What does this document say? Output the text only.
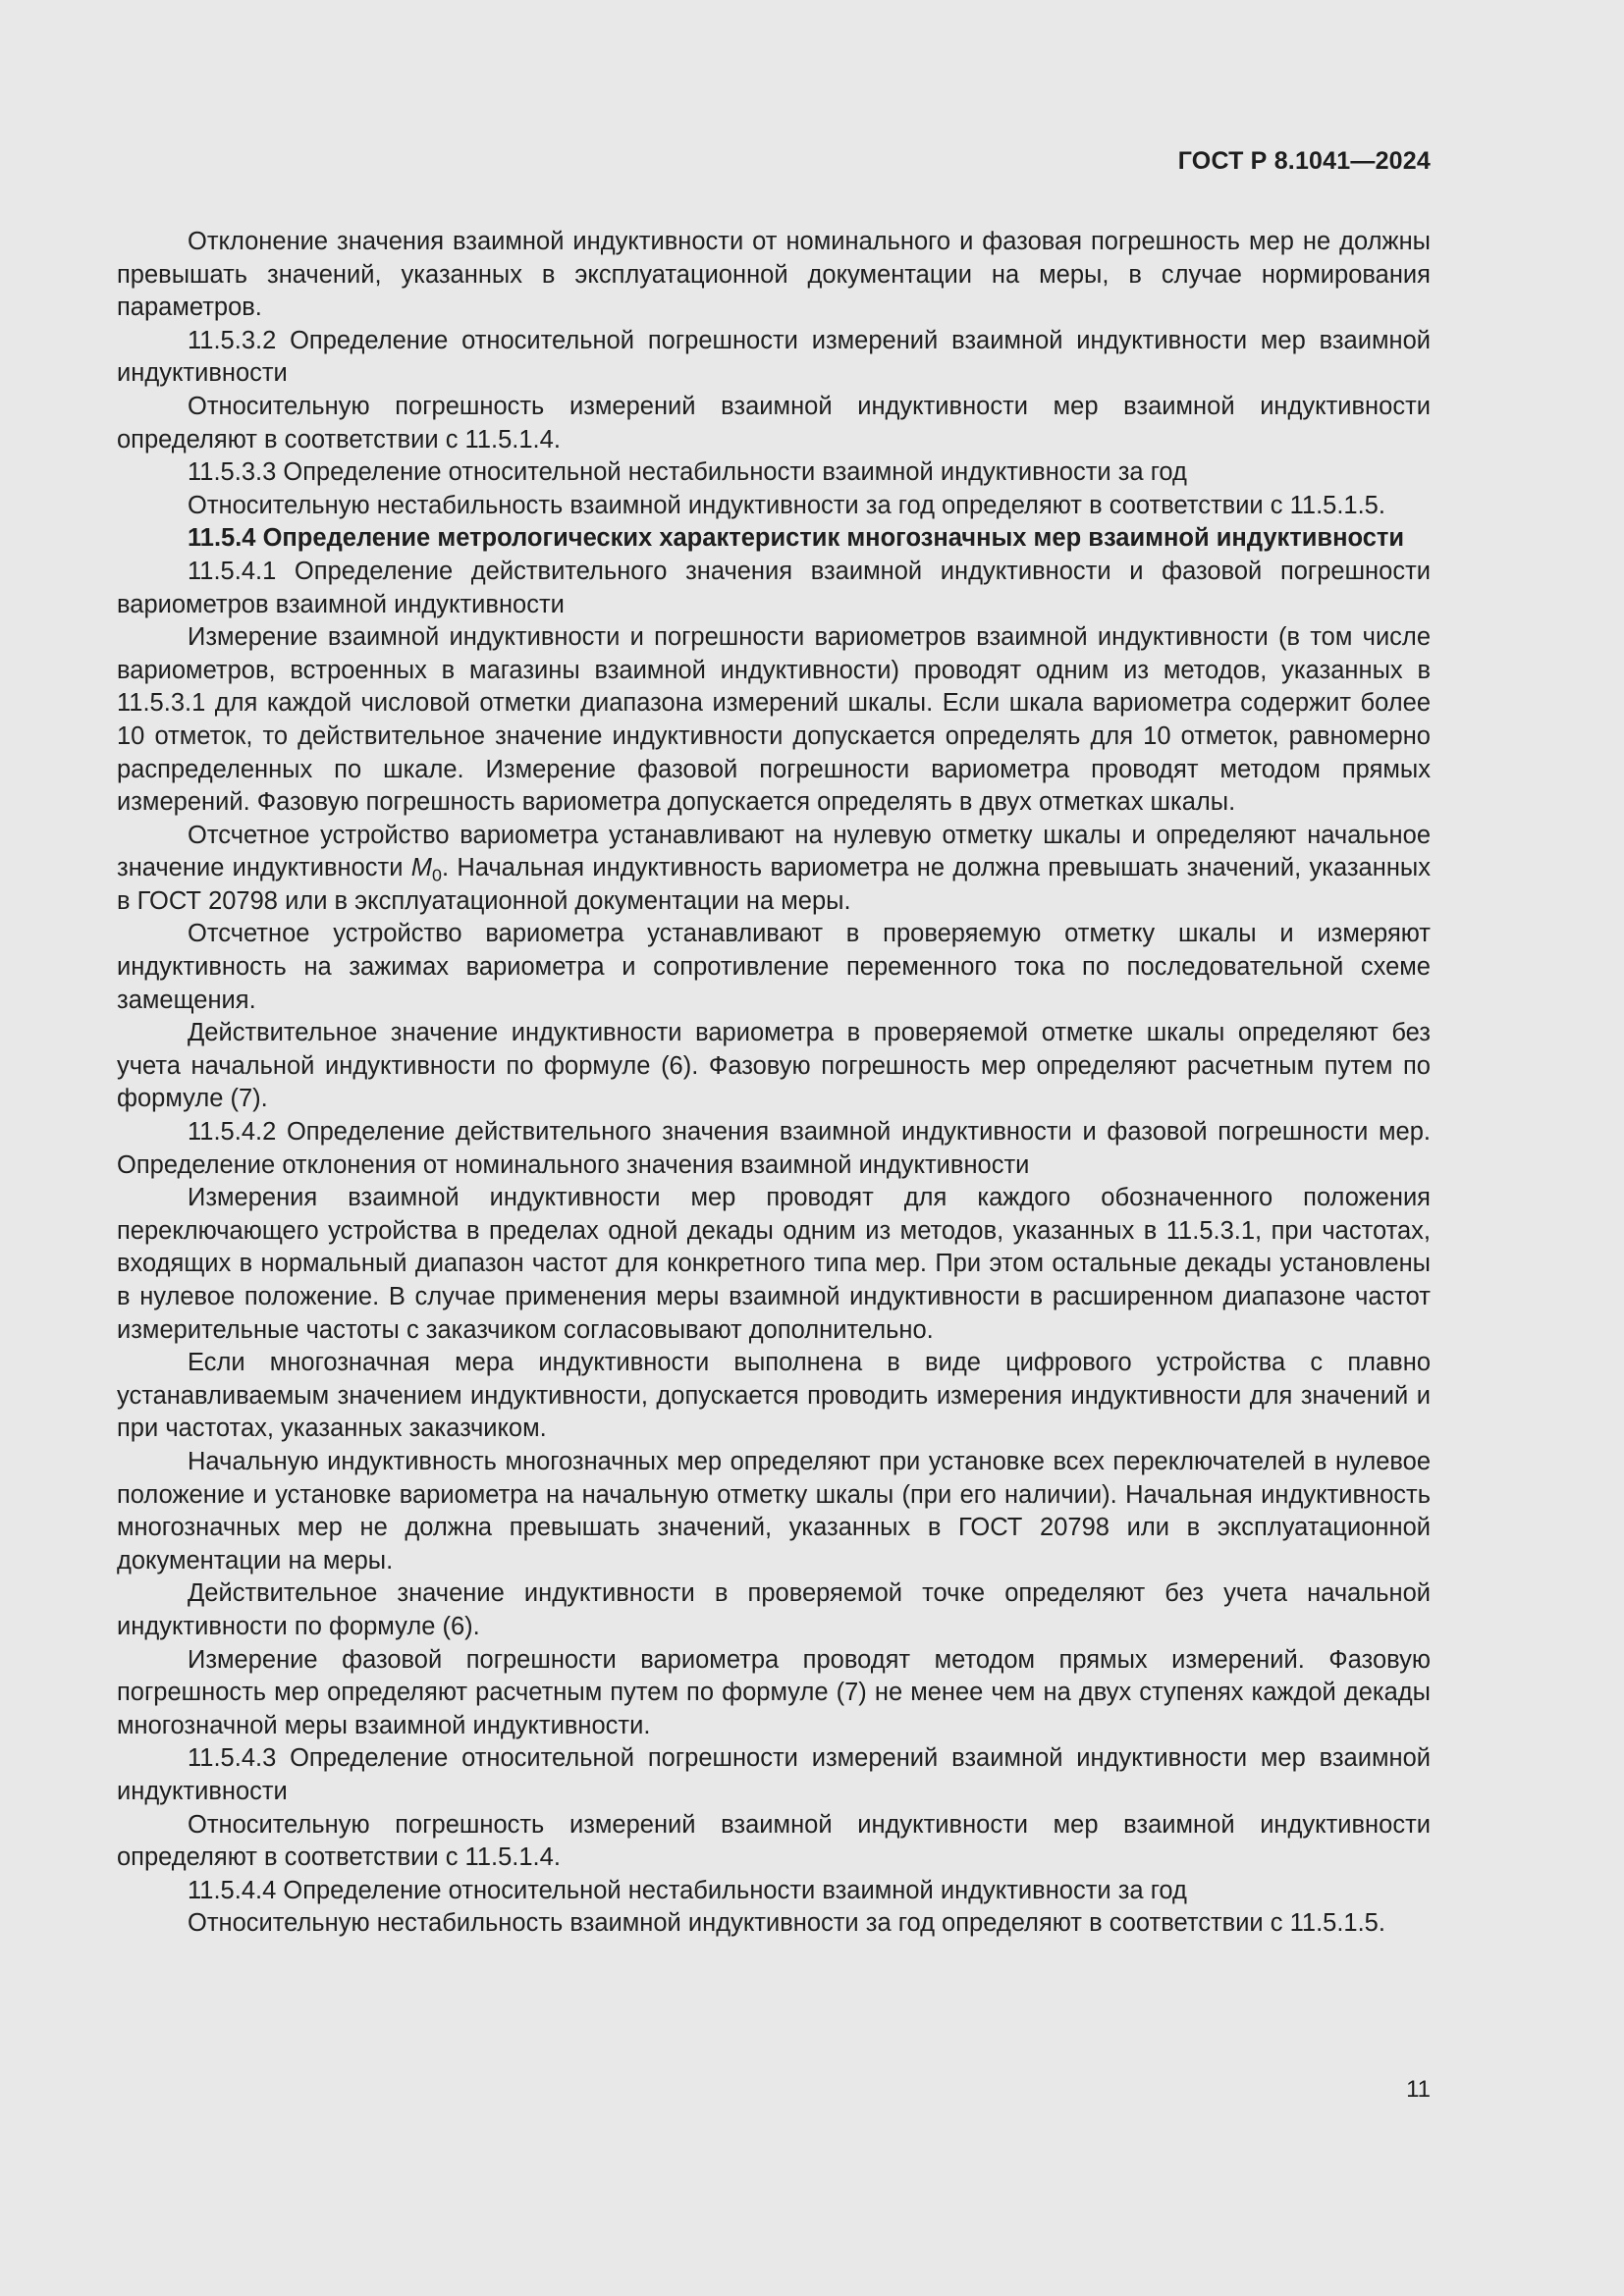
ГОСТ Р 8.1041—2024

Отклонение значения взаимной индуктивности от номинального и фазовая погрешность мер не должны превышать значений, указанных в эксплуатационной документации на меры, в случае нормирования параметров.

11.5.3.2 Определение относительной погрешности измерений взаимной индуктивности мер взаимной индуктивности

Относительную погрешность измерений взаимной индуктивности мер взаимной индуктивности определяют в соответствии с 11.5.1.4.

11.5.3.3 Определение относительной нестабильности взаимной индуктивности за год

Относительную нестабильность взаимной индуктивности за год определяют в соответствии с 11.5.1.5.

11.5.4 Определение метрологических характеристик многозначных мер взаимной индуктивности

11.5.4.1 Определение действительного значения взаимной индуктивности и фазовой погрешности вариометров взаимной индуктивности

Измерение взаимной индуктивности и погрешности вариометров взаимной индуктивности (в том числе вариометров, встроенных в магазины взаимной индуктивности) проводят одним из методов, указанных в 11.5.3.1 для каждой числовой отметки диапазона измерений шкалы. Если шкала вариометра содержит более 10 отметок, то действительное значение индуктивности допускается определять для 10 отметок, равномерно распределенных по шкале. Измерение фазовой погрешности вариометра проводят методом прямых измерений. Фазовую погрешность вариометра допускается определять в двух отметках шкалы.

Отсчетное устройство вариометра устанавливают на нулевую отметку шкалы и определяют начальное значение индуктивности $M_0$. Начальная индуктивность вариометра не должна превышать значений, указанных в ГОСТ 20798 или в эксплуатационной документации на меры.

Отсчетное устройство вариометра устанавливают в проверяемую отметку шкалы и измеряют индуктивность на зажимах вариометра и сопротивление переменного тока по последовательной схеме замещения.

Действительное значение индуктивности вариометра в проверяемой отметке шкалы определяют без учета начальной индуктивности по формуле (6). Фазовую погрешность мер определяют расчетным путем по формуле (7).

11.5.4.2 Определение действительного значения взаимной индуктивности и фазовой погрешности мер. Определение отклонения от номинального значения взаимной индуктивности

Измерения взаимной индуктивности мер проводят для каждого обозначенного положения переключающего устройства в пределах одной декады одним из методов, указанных в 11.5.3.1, при частотах, входящих в нормальный диапазон частот для конкретного типа мер. При этом остальные декады установлены в нулевое положение. В случае применения меры взаимной индуктивности в расширенном диапазоне частот измерительные частоты с заказчиком согласовывают дополнительно.

Если многозначная мера индуктивности выполнена в виде цифрового устройства с плавно устанавливаемым значением индуктивности, допускается проводить измерения индуктивности для значений и при частотах, указанных заказчиком.

Начальную индуктивность многозначных мер определяют при установке всех переключателей в нулевое положение и установке вариометра на начальную отметку шкалы (при его наличии). Начальная индуктивность многозначных мер не должна превышать значений, указанных в ГОСТ 20798 или в эксплуатационной документации на меры.

Действительное значение индуктивности в проверяемой точке определяют без учета начальной индуктивности по формуле (6).

Измерение фазовой погрешности вариометра проводят методом прямых измерений. Фазовую погрешность мер определяют расчетным путем по формуле (7) не менее чем на двух ступенях каждой декады многозначной меры взаимной индуктивности.

11.5.4.3 Определение относительной погрешности измерений взаимной индуктивности мер взаимной индуктивности

Относительную погрешность измерений взаимной индуктивности мер взаимной индуктивности определяют в соответствии с 11.5.1.4.

11.5.4.4 Определение относительной нестабильности взаимной индуктивности за год

Относительную нестабильность взаимной индуктивности за год определяют в соответствии с 11.5.1.5.

11
